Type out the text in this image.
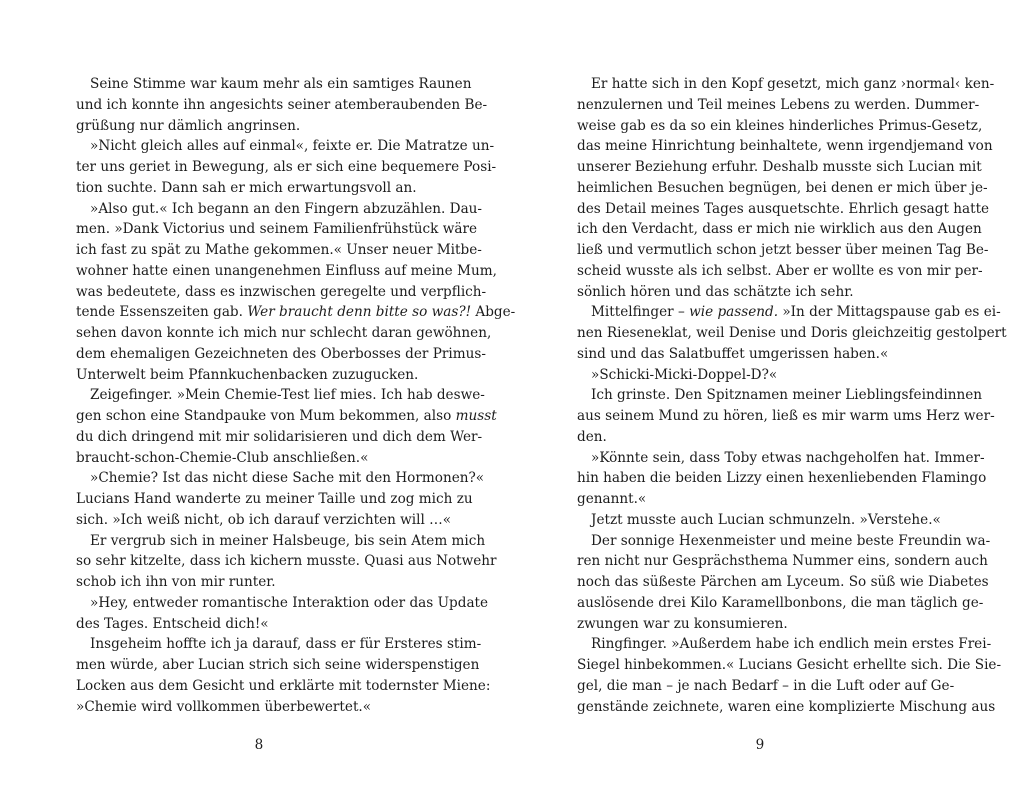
Seine Stimme war kaum mehr als ein samtiges Raunen
und ich konnte ihn angesichts seiner atemberaubenden Be-
grüßung nur dämlich angrinsen.
»Nicht gleich alles auf einmal«, feixte er. Die Matratze un-
ter uns geriet in Bewegung, als er sich eine bequemere Posi-
tion suchte. Dann sah er mich erwartungsvoll an.
»Also gut.« Ich begann an den Fingern abzuzählen. Dau-
men. »Dank Victorius und seinem Familienfrühstück wäre
ich fast zu spät zu Mathe gekommen.« Unser neuer Mitbe-
wohner hatte einen unangenehmen Einfluss auf meine Mum,
was bedeutete, dass es inzwischen geregelte und verpflich-
tende Essenszeiten gab. Wer braucht denn bitte so was?! Abge-
sehen davon konnte ich mich nur schlecht daran gewöhnen,
dem ehemaligen Gezeichneten des Oberbosses der Primus-
Unterwelt beim Pfannkuchenbacken zuzugucken.
Zeigefinger. »Mein Chemie-Test lief mies. Ich hab deswe-
gen schon eine Standpauke von Mum bekommen, also musst
du dich dringend mit mir solidarisieren und dich dem Wer-
braucht-schon-Chemie-Club anschließen.«
»Chemie? Ist das nicht diese Sache mit den Hormonen?«
Lucians Hand wanderte zu meiner Taille und zog mich zu
sich. »Ich weiß nicht, ob ich darauf verzichten will …«
Er vergrub sich in meiner Halsbeuge, bis sein Atem mich
so sehr kitzelte, dass ich kichern musste. Quasi aus Notwehr
schob ich ihn von mir runter.
»Hey, entweder romantische Interaktion oder das Update
des Tages. Entscheid dich!«
Insgeheim hoffte ich ja darauf, dass er für Ersteres stim-
men würde, aber Lucian strich sich seine widerspenstigen
Locken aus dem Gesicht und erklärte mit todernster Miene:
»Chemie wird vollkommen überbewertet.«
8
Er hatte sich in den Kopf gesetzt, mich ganz ›normal‹ ken-
nenzulernen und Teil meines Lebens zu werden. Dummer-
weise gab es da so ein kleines hinderliches Primus-Gesetz,
das meine Hinrichtung beinhaltete, wenn irgendjemand von
unserer Beziehung erfuhr. Deshalb musste sich Lucian mit
heimlichen Besuchen begnügen, bei denen er mich über je-
des Detail meines Tages ausquetschte. Ehrlich gesagt hatte
ich den Verdacht, dass er mich nie wirklich aus den Augen
ließ und vermutlich schon jetzt besser über meinen Tag Be-
scheid wusste als ich selbst. Aber er wollte es von mir per-
sönlich hören und das schätzte ich sehr.
Mittelfinger – wie passend. »In der Mittagspause gab es ei-
nen Rieseneklat, weil Denise und Doris gleichzeitig gestolpert
sind und das Salatbuffet umgerissen haben.«
»Schicki-Micki-Doppel-D?«
Ich grinste. Den Spitznamen meiner Lieblingsfeindinnen
aus seinem Mund zu hören, ließ es mir warm ums Herz wer-
den.
»Könnte sein, dass Toby etwas nachgeholfen hat. Immer-
hin haben die beiden Lizzy einen hexenliebenden Flamingo
genannt.«
Jetzt musste auch Lucian schmunzeln. »Verstehe.«
Der sonnige Hexenmeister und meine beste Freundin wa-
ren nicht nur Gesprächsthema Nummer eins, sondern auch
noch das süßeste Pärchen am Lyceum. So süß wie Diabetes
auslösende drei Kilo Karamellbonbons, die man täglich ge-
zwungen war zu konsumieren.
Ringfinger. »Außerdem habe ich endlich mein erstes Frei-
Siegel hinbekommen.« Lucians Gesicht erhellte sich. Die Sie-
gel, die man – je nach Bedarf – in die Luft oder auf Ge-
genstände zeichnete, waren eine komplizierte Mischung aus
9
